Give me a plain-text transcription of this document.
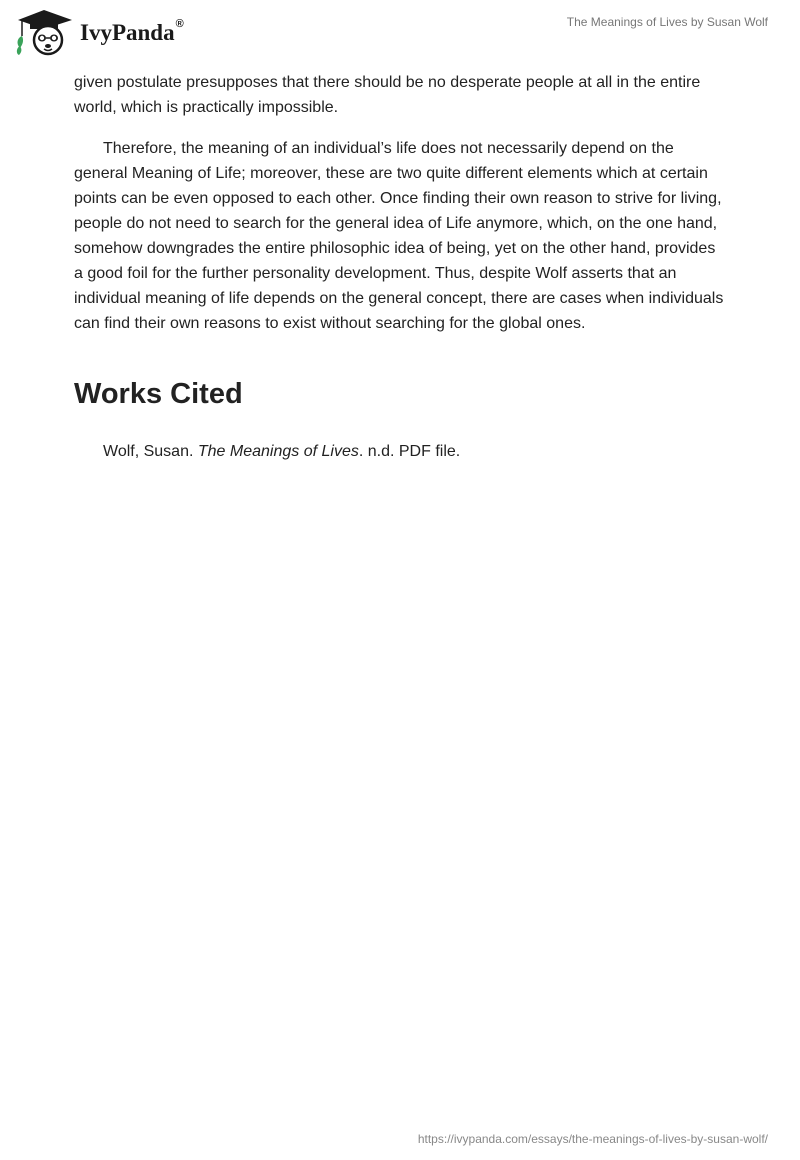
IvyPanda®	The Meanings of Lives by Susan Wolf

given postulate presupposes that there should be no desperate people at all in the entire world, which is practically impossible.

Therefore, the meaning of an individual’s life does not necessarily depend on the general Meaning of Life; moreover, these are two quite different elements which at certain points can be even opposed to each other. Once finding their own reason to strive for living, people do not need to search for the general idea of Life anymore, which, on the one hand, somehow downgrades the entire philosophic idea of being, yet on the other hand, provides a good foil for the further personality development. Thus, despite Wolf asserts that an individual meaning of life depends on the general concept, there are cases when individuals can find their own reasons to exist without searching for the global ones.

Works Cited
Wolf, Susan. The Meanings of Lives. n.d. PDF file.
https://ivypanda.com/essays/the-meanings-of-lives-by-susan-wolf/
